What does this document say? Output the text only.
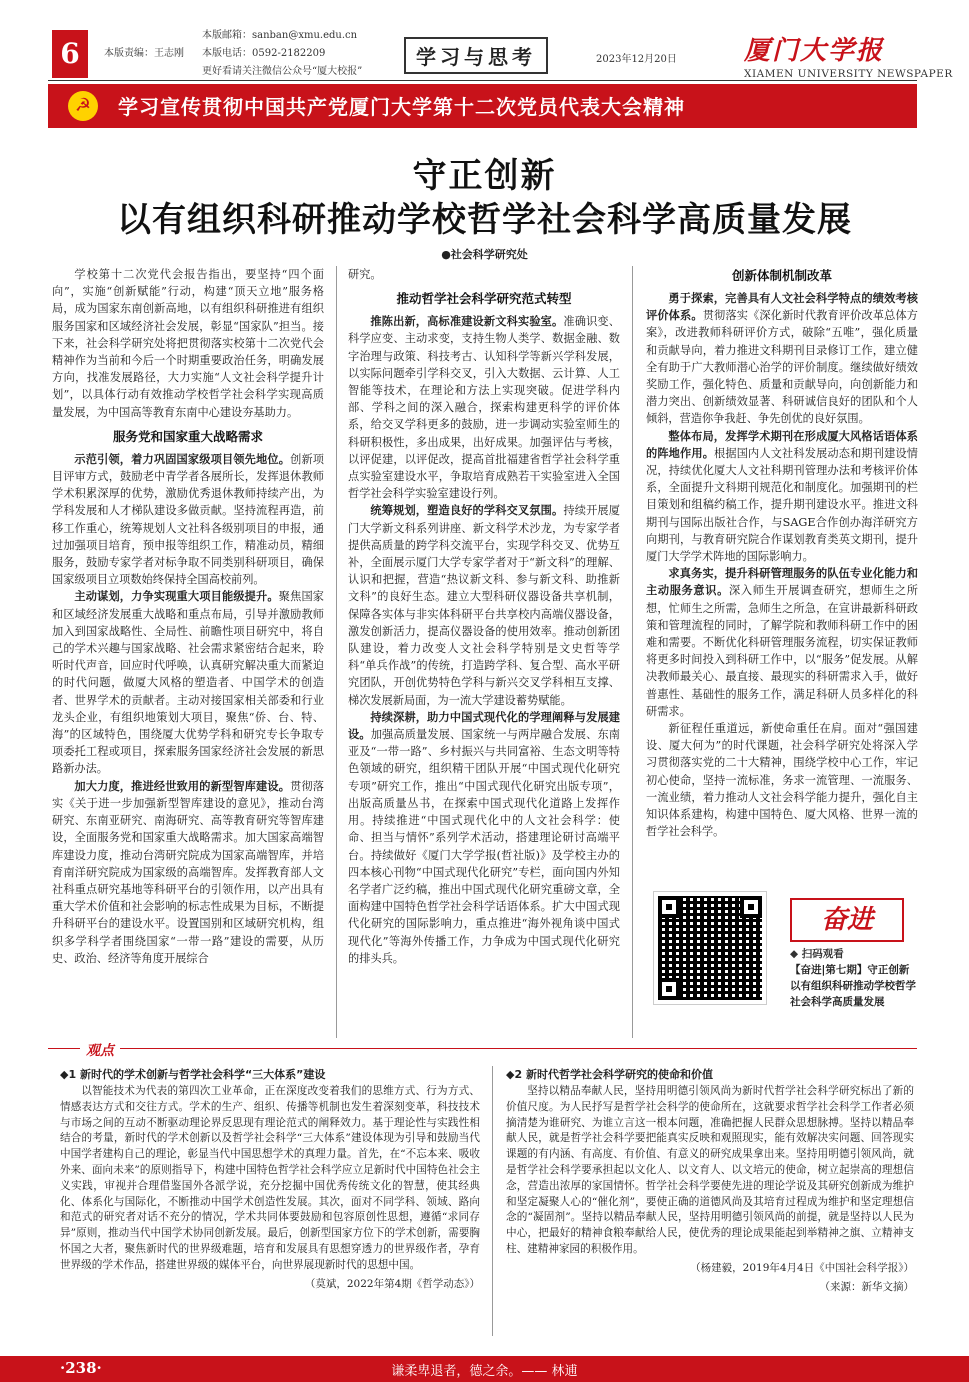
6	本版责编：王志刚
本版邮箱：sanban@xmu.edu.cn
本版电话：0592-2182209
更好看请关注微信公众号“厦大校报”
学习与思考	2023年12月20日	厦门大学报
XIAMEN UNIVERSITY NEWSPAPER
☭	学习宣传贯彻中国共产党厦门大学第十二次党员代表大会精神
守正创新
以有组织科研推动学校哲学社会科学高质量发展
●社会科学研究处

学校第十二次党代会报告指出，要坚持“四个面向”，实施“创新赋能”行动，构建“顶天立地”服务格局，成为国家东南创新高地，以有组织科研推进有组织服务国家和区域经济社会发展，彰显“国家队”担当。接下来，社会科学研究处将把贯彻落实校第十二次党代会精神作为当前和今后一个时期重要政治任务，明确发展方向，找准发展路径，大力实施“人文社会科学提升计划”，以具体行动有效推动学校哲学社会科学实现高质量发展，为中国高等教育东南中心建设夯基助力。

服务党和国家重大战略需求

示范引领，着力巩固国家级项目领先地位。创新项目评审方式，鼓励老中青学者各展所长，发挥退休教师学术积累深厚的优势，激励优秀退休教师持续产出，为学科发展和人才梯队建设多做贡献。坚持流程再造，前移工作重心，统筹规划人文社科各级别项目的申报，通过加强项目培育，预申报等组织工作，精准动员，精细服务，鼓励专家学者对标争取不同类别科研项目，确保国家级项目立项数始终保持全国高校前列。

主动谋划，力争实现重大项目能级提升。聚焦国家和区域经济发展重大战略和重点布局，引导并激励教师加入到国家战略性、全局性、前瞻性项目研究中，将自己的学术兴趣与国家战略、社会需求紧密结合起来，聆听时代声音，回应时代呼唤，认真研究解决重大而紧迫的时代问题，做厦大风格的塑造者、中国学术的创造者、世界学术的贡献者。主动对接国家相关部委和行业龙头企业，有组织地策划大项目，聚焦“侨、台、特、海”的区域特色，围绕厦大优势学科和研究专长争取专项委托工程或项目，探索服务国家经济社会发展的新思路新办法。

加大力度，推进经世致用的新型智库建设。贯彻落实《关于进一步加强新型智库建设的意见》，推动台湾研究、东南亚研究、南海研究、高等教育研究等智库建设，全面服务党和国家重大战略需求。加大国家高端智库建设力度，推动台湾研究院成为国家高端智库，并培育南洋研究院成为国家级的高端智库。发挥教育部人文社科重点研究基地等科研平台的引领作用，以产出具有重大学术价值和社会影响的标志性成果为目标，不断提升科研平台的建设水平。设置国别和区域研究机构，组织多学科学者围绕国家“一带一路”建设的需要，从历史、政治、经济等角度开展综合

研究。

推动哲学社会科学研究范式转型

推陈出新，高标准建设新文科实验室。准确识变、科学应变、主动求变，支持生物人类学、数据金融、数字治理与政策、科技考古、认知科学等新兴学科发展，以实际问题牵引学科交叉，引入大数据、云计算、人工智能等技术，在理论和方法上实现突破。促进学科内部、学科之间的深入融合，探索构建更科学的评价体系，给交叉学科更多的鼓励，进一步调动实验室师生的科研积极性，多出成果，出好成果。加强评估与考核，以评促建，以评促改，提高首批福建省哲学社会科学重点实验室建设水平，争取培育成熟若干实验室进入全国哲学社会科学实验室建设行列。

统筹规划，塑造良好的学科交叉氛围。持续开展厦门大学新文科系列讲座、新文科学术沙龙，为专家学者提供高质量的跨学科交流平台，实现学科交叉、优势互补，全面展示厦门大学专家学者对于“新文科”的理解、认识和把握，营造“热议新文科、参与新文科、助推新文科”的良好生态。建立大型科研仪器设备共享机制，保障各实体与非实体科研平台共享校内高端仪器设备，激发创新活力，提高仪器设备的使用效率。推动创新团队建设，着力改变人文社会科学特别是文史哲等学科“单兵作战”的传统，打造跨学科、复合型、高水平研究团队，开创优势特色学科与新兴交叉学科相互支撑、梯次发展新局面，为一流大学建设蓄势赋能。

持续深耕，助力中国式现代化的学理阐释与发展建设。加强高质量发展、国家统一与两岸融合发展、东南亚及“一带一路”、乡村振兴与共同富裕、生态文明等特色领域的研究，组织精干团队开展“中国式现代化研究专项”研究工作，推出“中国式现代化研究出版专项”，出版高质量丛书，在探索中国式现代化道路上发挥作用。持续推进“中国式现代化中的人文社会科学：使命、担当与情怀”系列学术活动，搭建理论研讨高端平台。持续做好《厦门大学学报(哲社版)》及学校主办的四本核心刊物“中国式现代化研究”专栏，面向国内外知名学者广泛约稿，推出中国式现代化研究重磅文章，全面构建中国特色哲学社会科学话语体系。扩大中国式现代化研究的国际影响力，重点推进“海外视角谈中国式现代化”等海外传播工作，力争成为中国式现代化研究的排头兵。

创新体制机制改革

勇于探索，完善具有人文社会科学特点的绩效考核评价体系。贯彻落实《深化新时代教育评价改革总体方案》，改进教师科研评价方式，破除“五唯”，强化质量和贡献导向，着力推进文科期刊目录修订工作，建立健全有助于广大教师潜心治学的评价制度。继续做好绩效奖励工作，强化特色、质量和贡献导向，向创新能力和潜力突出、创新绩效显著、科研诚信良好的团队和个人倾斜，营造你争我赶、争先创优的良好氛围。

整体布局，发挥学术期刊在形成厦大风格话语体系的阵地作用。根据国内人文社科发展动态和期刊建设情况，持续优化厦大人文社科期刊管理办法和考核评价体系，全面提升文科期刊规范化和制度化。加强期刊的栏目策划和组稿约稿工作，提升期刊建设水平。推进文科期刊与国际出版社合作，与SAGE合作创办海洋研究方向期刊，与教育研究院合作谋划教育类英文期刊，提升厦门大学学术阵地的国际影响力。

求真务实，提升科研管理服务的队伍专业化能力和主动服务意识。深入师生开展调查研究，想师生之所想，忙师生之所需，急师生之所急，在宣讲最新科研政策和管理流程的同时，了解学院和教师科研工作中的困难和需要。不断优化科研管理服务流程，切实保证教师将更多时间投入到科研工作中，以“服务”促发展。从解决教师最关心、最直接、最现实的科研需求入手，做好普惠性、基础性的服务工作，满足科研人员多样化的科研需求。

新征程任重道远，新使命重任在肩。面对“强国建设、厦大何为”的时代课题，社会科学研究处将深入学习贯彻落实党的二十大精神，围绕学校中心工作，牢记初心使命，坚持一流标准，务求一流管理、一流服务、一流业绩，着力推动人文社会科学能力提升，强化自主知识体系建构，构建中国特色、厦大风格、世界一流的哲学社会科学。

奋进
◆ 扫码观看
【奋进|第七期】守正创新 以有组织科研推动学校哲学社会科学高质量发展
观点
◆1 新时代的学术创新与哲学社会科学“三大体系”建设

以智能技术为代表的第四次工业革命，正在深度改变着我们的思维方式、行为方式、情感表达方式和交往方式。学术的生产、组织、传播等机制也发生着深刻变革，科技技术与市场之间的互动不断驱动理论界反思现有理论范式的阐释效力。基于理论性与实践性相结合的考量，新时代的学术创新以及哲学社会科学“三大体系”建设体现为引导和鼓励当代中国学者建构自己的理论，彰显当代中国思想学术的真理力量。首先，在“不忘本来、吸收外来、面向未来”的原则指导下，构建中国特色哲学社会科学应立足新时代中国特色社会主义实践，审视并合理借鉴国外各派学说，充分挖掘中国优秀传统文化的智慧，使其经典化、体系化与国际化，不断推动中国学术创造性发展。其次，面对不同学科、领域、路向和范式的研究者对话不充分的情况，学术共同体要鼓励和包容原创性思想，遵循“求同存异”原则，推动当代中国学术协同创新发展。最后，创新型国家方位下的学术创新，需要胸怀国之大者，聚焦新时代的世界级难题，培育和发展具有思想穿透力的世界级作者，孕育世界级的学术作品，搭建世界级的媒体平台，向世界展现新时代的思想中国。

（莫斌，2022年第4期《哲学动态》）
◆2 新时代哲学社会科学研究的使命和价值

坚持以精品奉献人民，坚持用明德引领风尚为新时代哲学社会科学研究标出了新的价值尺度。为人民抒写是哲学社会科学的使命所在，这就要求哲学社会科学工作者必须摘清楚为谁研究、为谁立言这一根本问题，准确把握人民群众思想脉搏。坚持以精品奉献人民，就是哲学社会科学要把能真实反映和观照现实，能有效解决实问题、回答现实课题的有内涵、有高度、有价值、有意义的研究成果拿出来。坚持用明德引领风尚，就是哲学社会科学要承担起以文化人、以文育人、以文培元的使命，树立起崇高的理想信念，营造出浓厚的家国情怀。哲学社会科学要使先进的理论学说及其研究创新成为维护和坚定凝聚人心的“催化剂”，要使正确的道德风尚及其培育过程成为维护和坚定理想信念的“凝固剂”。坚持以精品奉献人民，坚持用明德引领风尚的前提，就是坚持以人民为中心，把最好的精神食粮奉献给人民，使优秀的理论成果能起到举精神之旗、立精神支柱、建精神家园的积极作用。

（杨建毅，2019年4月4日《中国社会科学报》）
（来源：新华文摘）
谦柔卑退者，德之余。—— 林逋
·238·
